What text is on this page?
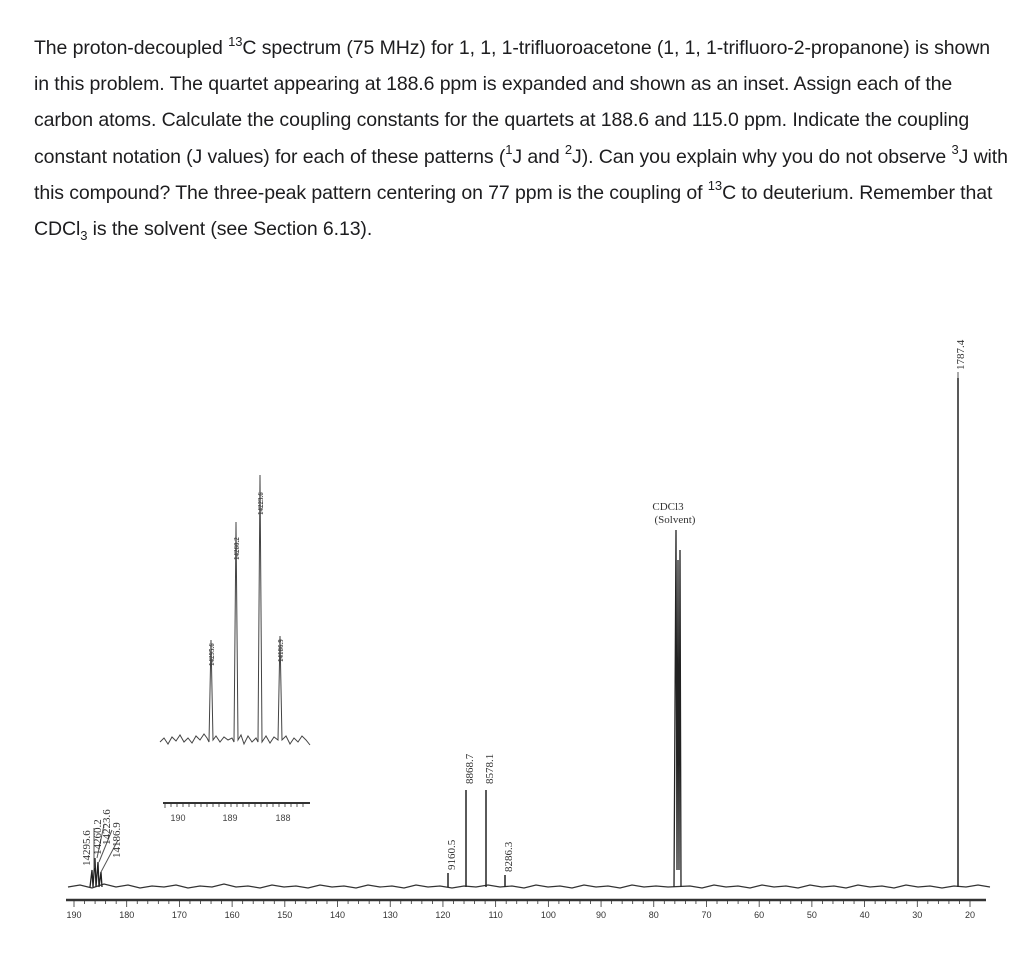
The proton-decoupled $^{13}$C spectrum (75 MHz) for 1, 1, 1-trifluoroacetone (1, 1, 1-trifluoro-2-propanone) is shown in this problem. The quartet appearing at 188.6 ppm is expanded and shown as an inset. Assign each of the carbon atoms. Calculate the coupling constants for the quartets at 188.6 and 115.0 ppm. Indicate the coupling constant notation (J values) for each of these patterns ($^1$J and $^2$J). Can you explain why you do not observe $^3$J with this compound? The three-peak pattern centering on 77 ppm is the coupling of $^{13}$C to deuterium. Remember that CDCl$_3$ is the solvent (see Section 6.13).

14295.6 14260.2
14223.6
14186.9
14295.6
14260.2
14223.6
14186.9
190	189	188
9160.5
8868.7 8578.1
8286.3
CDCl3
(Solvent)
1787.4
190	180	170	160	150	140	130	120	110	100	90	80	70	60	50	40	30	20
